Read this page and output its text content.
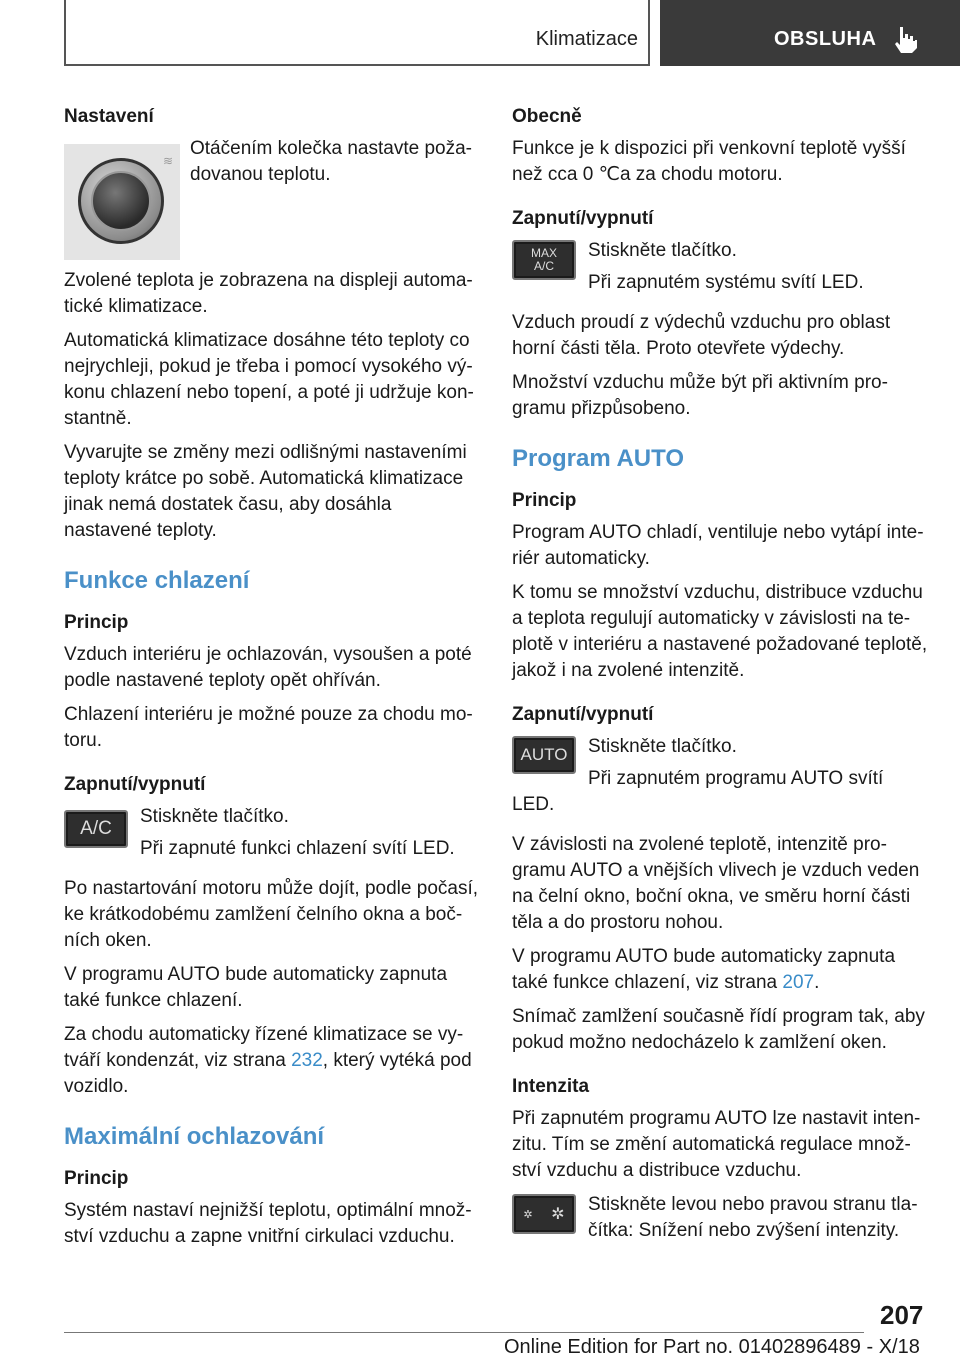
Klimatizace	OBSLUHA
Nastavení
≋

Otáčením kolečka nastavte poža-dovanou teplotu.

Zvolené teplota je zobrazena na displeji automa-tické klimatizace.

Automatická klimatizace dosáhne této teploty co nejrychleji, pokud je třeba i pomocí vysokého vý-konu chlazení nebo topení, a poté ji udržuje kon-stantně.

Vyvarujte se změny mezi odlišnými nastaveními teploty krátce po sobě. Automatická klimatizace jinak nemá dostatek času, aby dosáhla nastavené teploty.

Funkce chlazení
Princip

Vzduch interiéru je ochlazován, vysoušen a poté podle nastavené teploty opět ohříván.

Chlazení interiéru je možné pouze za chodu mo-toru.

Zapnutí/vypnutí
A/C

Stiskněte tlačítko.

Při zapnuté funkci chlazení svítí LED.

Po nastartování motoru může dojít, podle počasí, ke krátkodobému zamlžení čelního okna a boč-ních oken.

V programu AUTO bude automaticky zapnuta také funkce chlazení.

Za chodu automaticky řízené klimatizace se vy-tváří kondenzát, viz strana 232, který vytéká pod vozidlo.

Maximální ochlazování
Princip

Systém nastaví nejnižší teplotu, optimální množ-ství vzduchu a zapne vnitřní cirkulaci vzduchu.

Obecně

Funkce je k dispozici při venkovní teplotě vyšší než cca 0 ℃a za chodu motoru.

Zapnutí/vypnutí
MAX
A/C

Stiskněte tlačítko.

Při zapnutém systému svítí LED.

Vzduch proudí z výdechů vzduchu pro oblast horní části těla. Proto otevřete výdechy.

Množství vzduchu může být při aktivním pro-gramu přizpůsobeno.

Program AUTO
Princip

Program AUTO chladí, ventiluje nebo vytápí inte-riér automaticky.

K tomu se množství vzduchu, distribuce vzduchu a teplota regulují automaticky v závislosti na te-plotě v interiéru a nastavené požadované teplotě, jakož i na zvolené intenzitě.

Zapnutí/vypnutí
AUTO	Stiskněte tlačítko.

Při zapnutém programu AUTO svítí LED.

V závislosti na zvolené teplotě, intenzitě pro-gramu AUTO a vnějších vlivech je vzduch veden na čelní okno, boční okna, ve směru horní části těla a do prostoru nohou.

V programu AUTO bude automaticky zapnuta také funkce chlazení, viz strana 207.

Snímač zamlžení současně řídí program tak, aby pokud možno nedocházelo k zamlžení oken.

Intenzita

Při zapnutém programu AUTO lze nastavit inten-zitu. Tím se změní automatická regulace množ-ství vzduchu a distribuce vzduchu.

✲ ✲ Stiskněte levou nebo pravou stranu tla-čítka: Snížení nebo zvýšení intenzity.

207
Online Edition for Part no. 01402896489 - X/18
